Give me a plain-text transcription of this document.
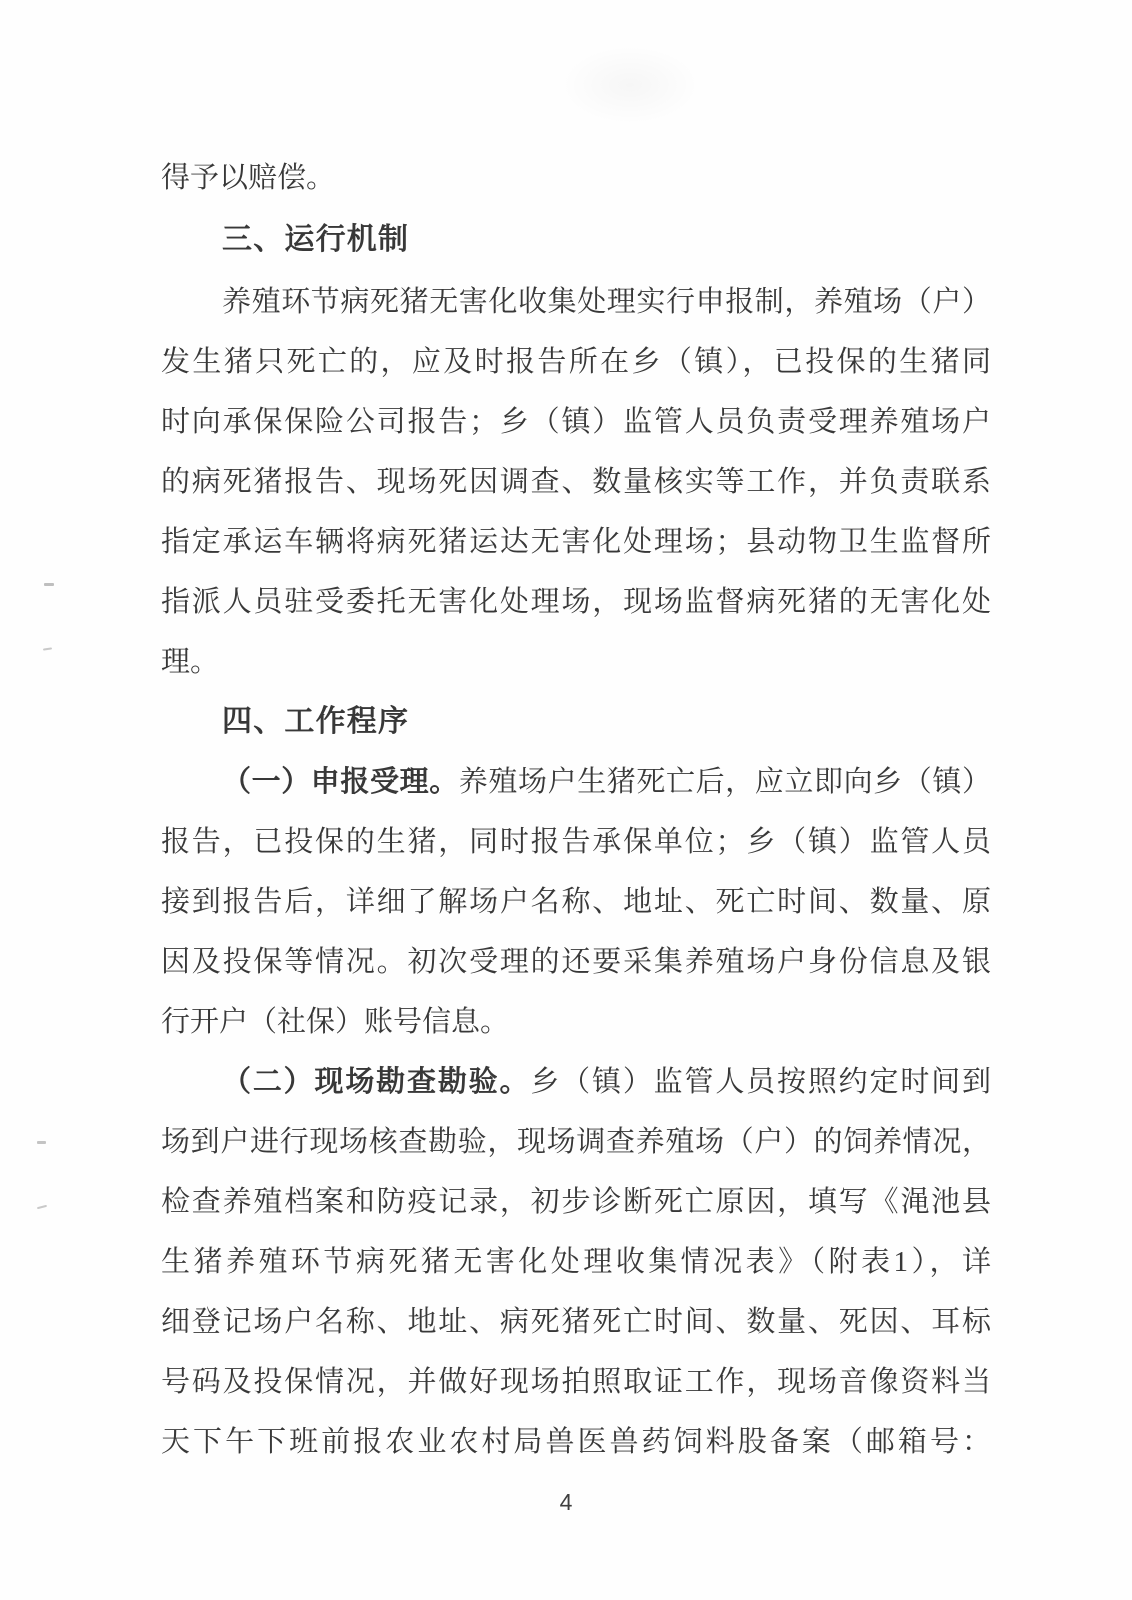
得予以赔偿。
三、运行机制
养殖环节病死猪无害化收集处理实行申报制，养殖场（户）
发生猪只死亡的，应及时报告所在乡（镇），已投保的生猪同
时向承保保险公司报告；乡（镇）监管人员负责受理养殖场户
的病死猪报告、现场死因调查、数量核实等工作，并负责联系
指定承运车辆将病死猪运达无害化处理场；县动物卫生监督所
指派人员驻受委托无害化处理场，现场监督病死猪的无害化处
理。
四、工作程序
（一）申报受理。养殖场户生猪死亡后，应立即向乡（镇）
报告，已投保的生猪，同时报告承保单位；乡（镇）监管人员
接到报告后，详细了解场户名称、地址、死亡时间、数量、原
因及投保等情况。初次受理的还要采集养殖场户身份信息及银
行开户（社保）账号信息。
（二）现场勘查勘验。乡（镇）监管人员按照约定时间到
场到户进行现场核查勘验，现场调查养殖场（户）的饲养情况，
检查养殖档案和防疫记录，初步诊断死亡原因，填写《渑池县
生猪养殖环节病死猪无害化处理收集情况表》（附表1），详
细登记场户名称、地址、病死猪死亡时间、数量、死因、耳标
号码及投保情况，并做好现场拍照取证工作，现场音像资料当
天下午下班前报农业农村局兽医兽药饲料股备案（邮箱号：
4
